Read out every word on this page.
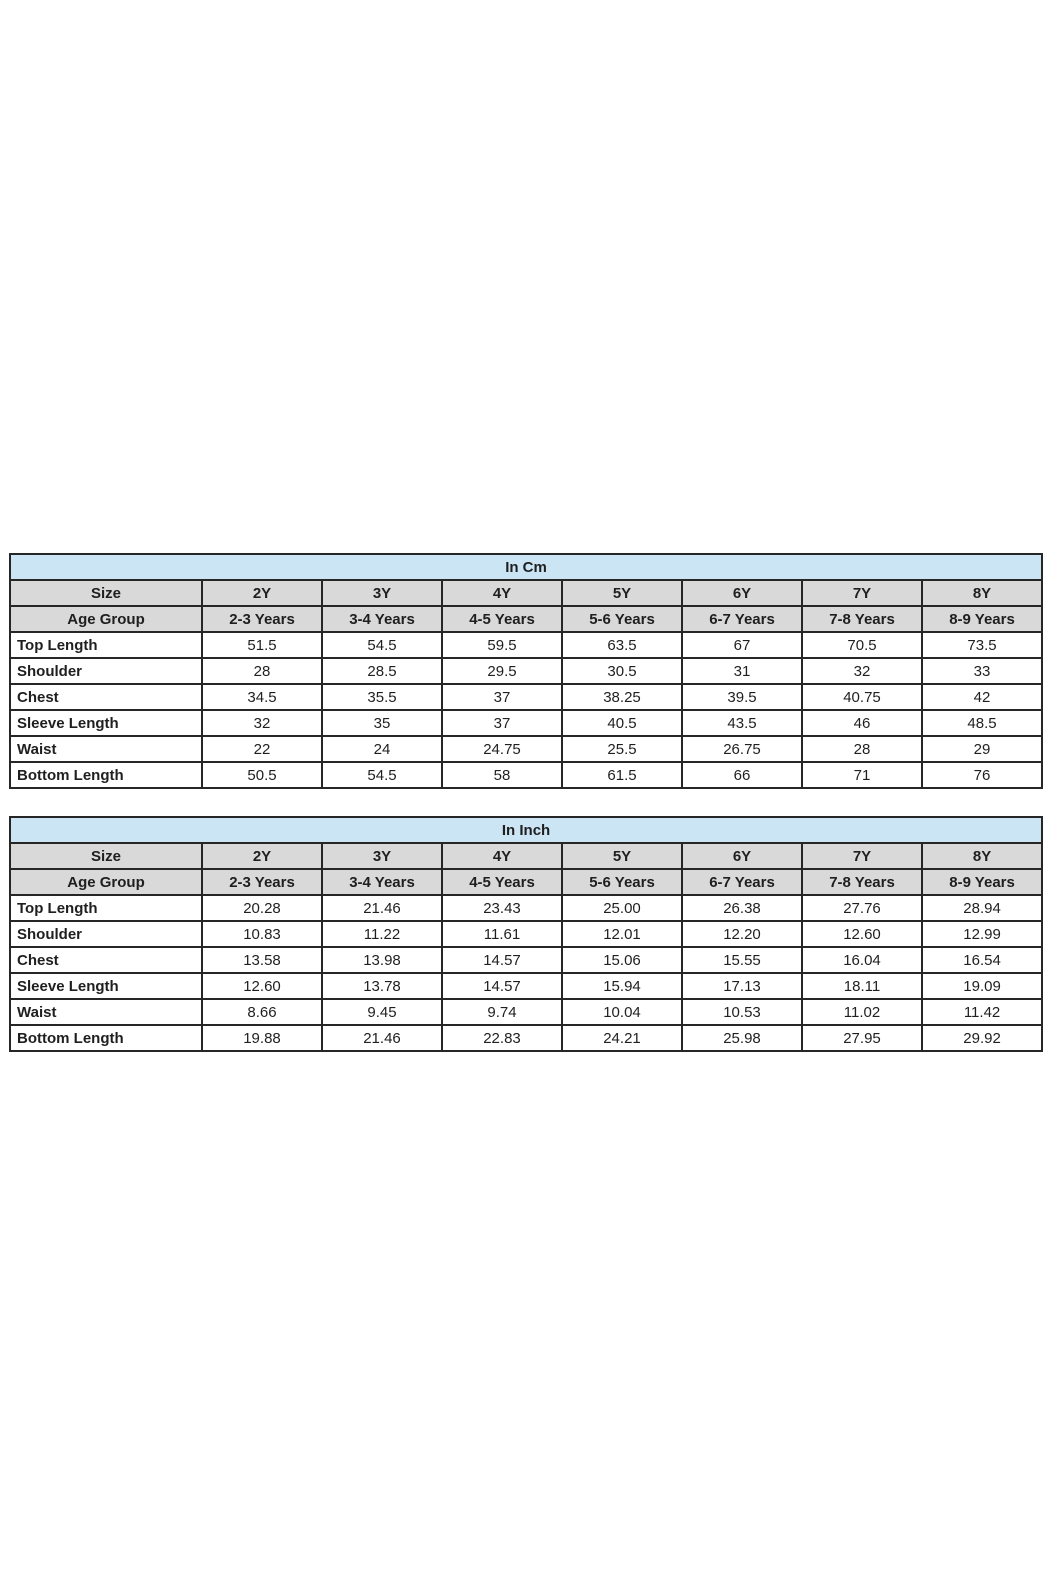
In Cm							
Size	2Y	3Y	4Y	5Y	6Y	7Y	8Y
Age Group	2-3 Years	3-4 Years	4-5 Years	5-6 Years	6-7 Years	7-8 Years	8-9 Years
Top Length	51.5	54.5	59.5	63.5	67	70.5	73.5
Shoulder	28	28.5	29.5	30.5	31	32	33
Chest	34.5	35.5	37	38.25	39.5	40.75	42
Sleeve Length	32	35	37	40.5	43.5	46	48.5
Waist	22	24	24.75	25.5	26.75	28	29
Bottom Length	50.5	54.5	58	61.5	66	71	76
In Inch							
Size	2Y	3Y	4Y	5Y	6Y	7Y	8Y
Age Group	2-3 Years	3-4 Years	4-5 Years	5-6 Years	6-7 Years	7-8 Years	8-9 Years
Top Length	20.28	21.46	23.43	25.00	26.38	27.76	28.94
Shoulder	10.83	11.22	11.61	12.01	12.20	12.60	12.99
Chest	13.58	13.98	14.57	15.06	15.55	16.04	16.54
Sleeve Length	12.60	13.78	14.57	15.94	17.13	18.11	19.09
Waist	8.66	9.45	9.74	10.04	10.53	11.02	11.42
Bottom Length	19.88	21.46	22.83	24.21	25.98	27.95	29.92
